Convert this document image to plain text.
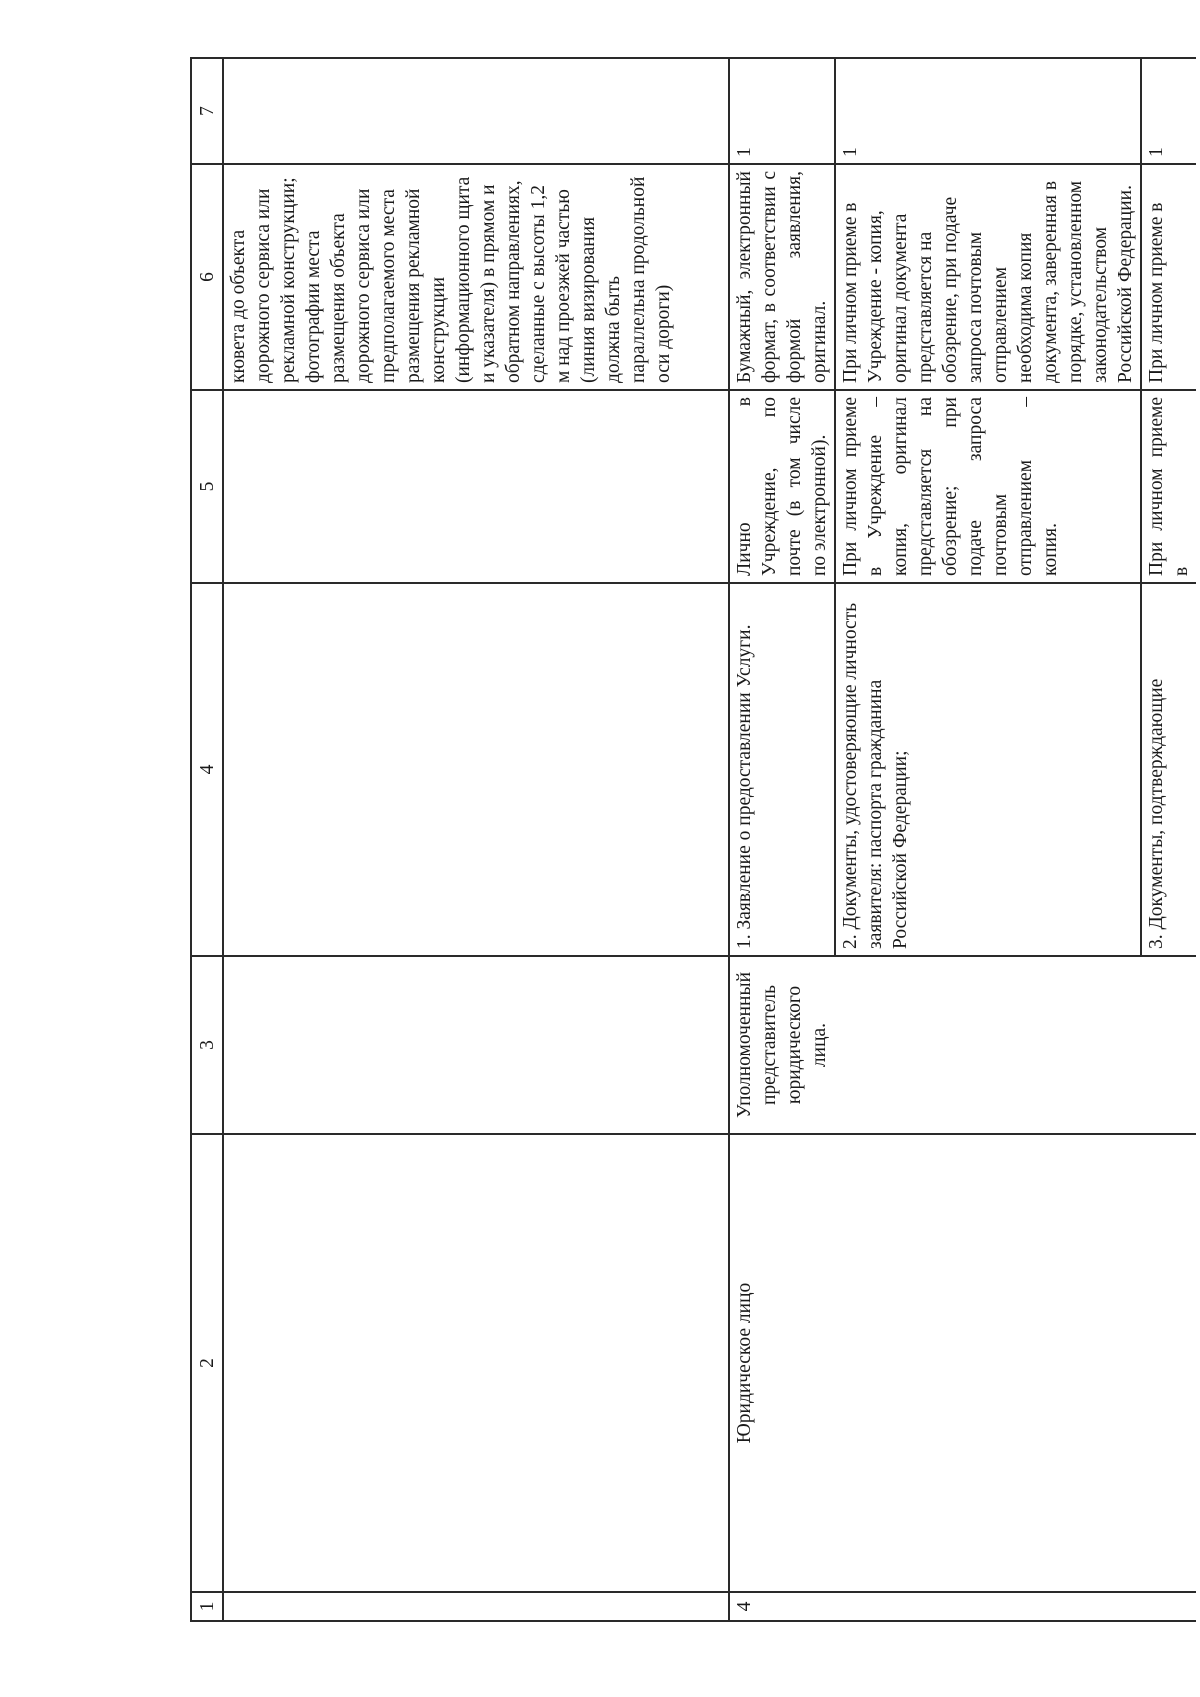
1	2	3	4	5	6	7
					кювета до объекта дорожного сервиса или рекламной конструкции; фотографии места размещения объекта дорожного сервиса или предполагаемого места размещения рекламной конструкции (информационного щита и указателя) в прямом и обратном направлениях, сделанные с высоты 1,2 м над проезжей частью (линия визирования должна быть параллельна продольной оси дороги)	
4	Юридическое лицо	Уполномоченный представитель юридического лица.	1. Заявление о предоставлении Услуги.	Лично в Учреждение, по почте (в том числе по электронной).	Бумажный, электронный формат, в соответствии с формой заявления, оригинал.	1
			2. Документы, удостоверяющие личность заявителя: паспорта гражданина Российской Федерации;	При личном приеме в Учреждение – копия, оригинал представляется на обозрение; при подаче запроса почтовым отправлением – копия.	При личном приеме в Учреждение - копия, оригинал документа представляется на обозрение, при подаче запроса почтовым отправлением необходима копия документа, заверенная в порядке, установленном законодательством Российской Федерации.	1
			3. Документы, подтверждающие	При личном приеме в	При личном приеме в	1
